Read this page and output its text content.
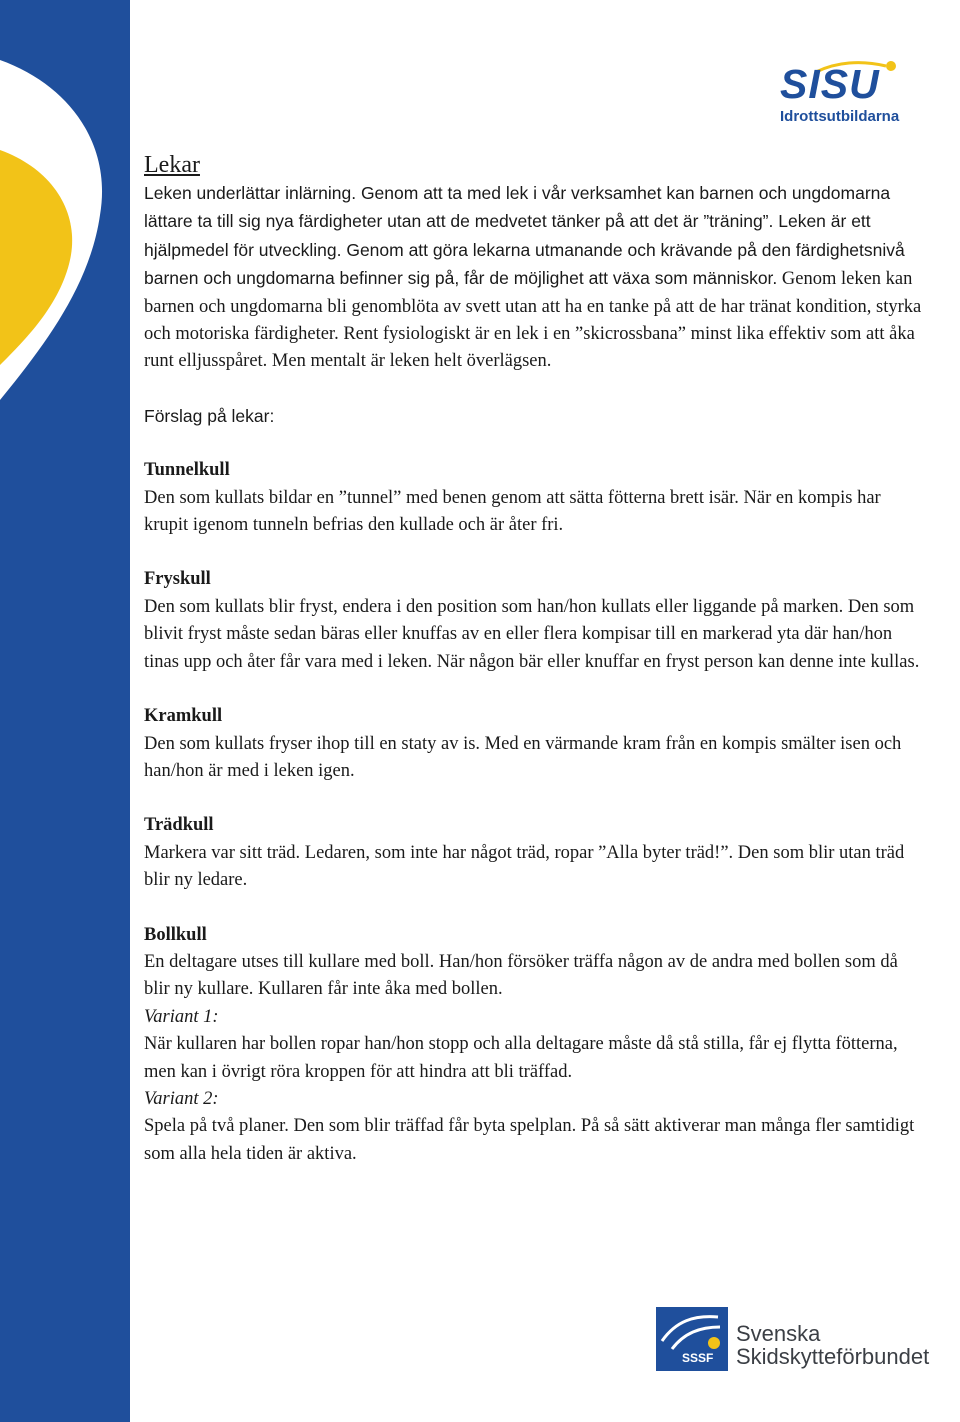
SISU
Idrottsutbildarna

Lekar

Leken underlättar inlärning. Genom att ta med lek i vår verksamhet kan barnen och ungdomarna lättare ta till sig nya färdigheter utan att de medvetet tänker på att det är ”träning”. Leken är ett hjälpmedel för utveckling. Genom att göra lekarna utmanande och krävande på den färdighetsnivå barnen och ungdomarna befinner sig på, får de möjlighet att växa som människor. Genom leken kan barnen och ungdomarna bli genomblöta av svett utan att ha en tanke på att de har tränat kondition, styrka och motoriska färdigheter. Rent fysiologiskt är en lek i en ”skicrossbana” minst lika effektiv som att åka runt elljusspåret. Men mentalt är leken helt överlägsen.

Förslag på lekar:

Tunnelkull

Den som kullats bildar en ”tunnel” med benen genom att sätta fötterna brett isär. När en kompis har krupit igenom tunneln befrias den kullade och är åter fri.

Fryskull

Den som kullats blir fryst, endera i den position som han/hon kullats eller liggande på marken. Den som blivit fryst måste sedan bäras eller knuffas av en eller flera kompisar till en markerad yta där han/hon tinas upp och åter får vara med i leken. När någon bär eller knuffar en fryst person kan denne inte kullas.

Kramkull

Den som kullats fryser ihop till en staty av is. Med en värmande kram från en kompis smälter isen och han/hon är med i leken igen.

Trädkull

Markera var sitt träd. Ledaren, som inte har något träd, ropar ”Alla byter träd!”. Den som blir utan träd blir ny ledare.

Bollkull

En deltagare utses till kullare med boll. Han/hon försöker träffa någon av de andra med bollen som då blir ny kullare. Kullaren får inte åka med bollen.

Variant 1:

När kullaren har bollen ropar han/hon stopp och alla deltagare måste då stå stilla, får ej flytta fötterna, men kan i övrigt röra kroppen för att hindra att bli träffad.

Variant 2:

Spela på två planer. Den som blir träffad får byta spelplan. På så sätt aktiverar man många fler samtidigt som alla hela tiden är aktiva.

SSSF
Svenska
Skidskytteförbundet
